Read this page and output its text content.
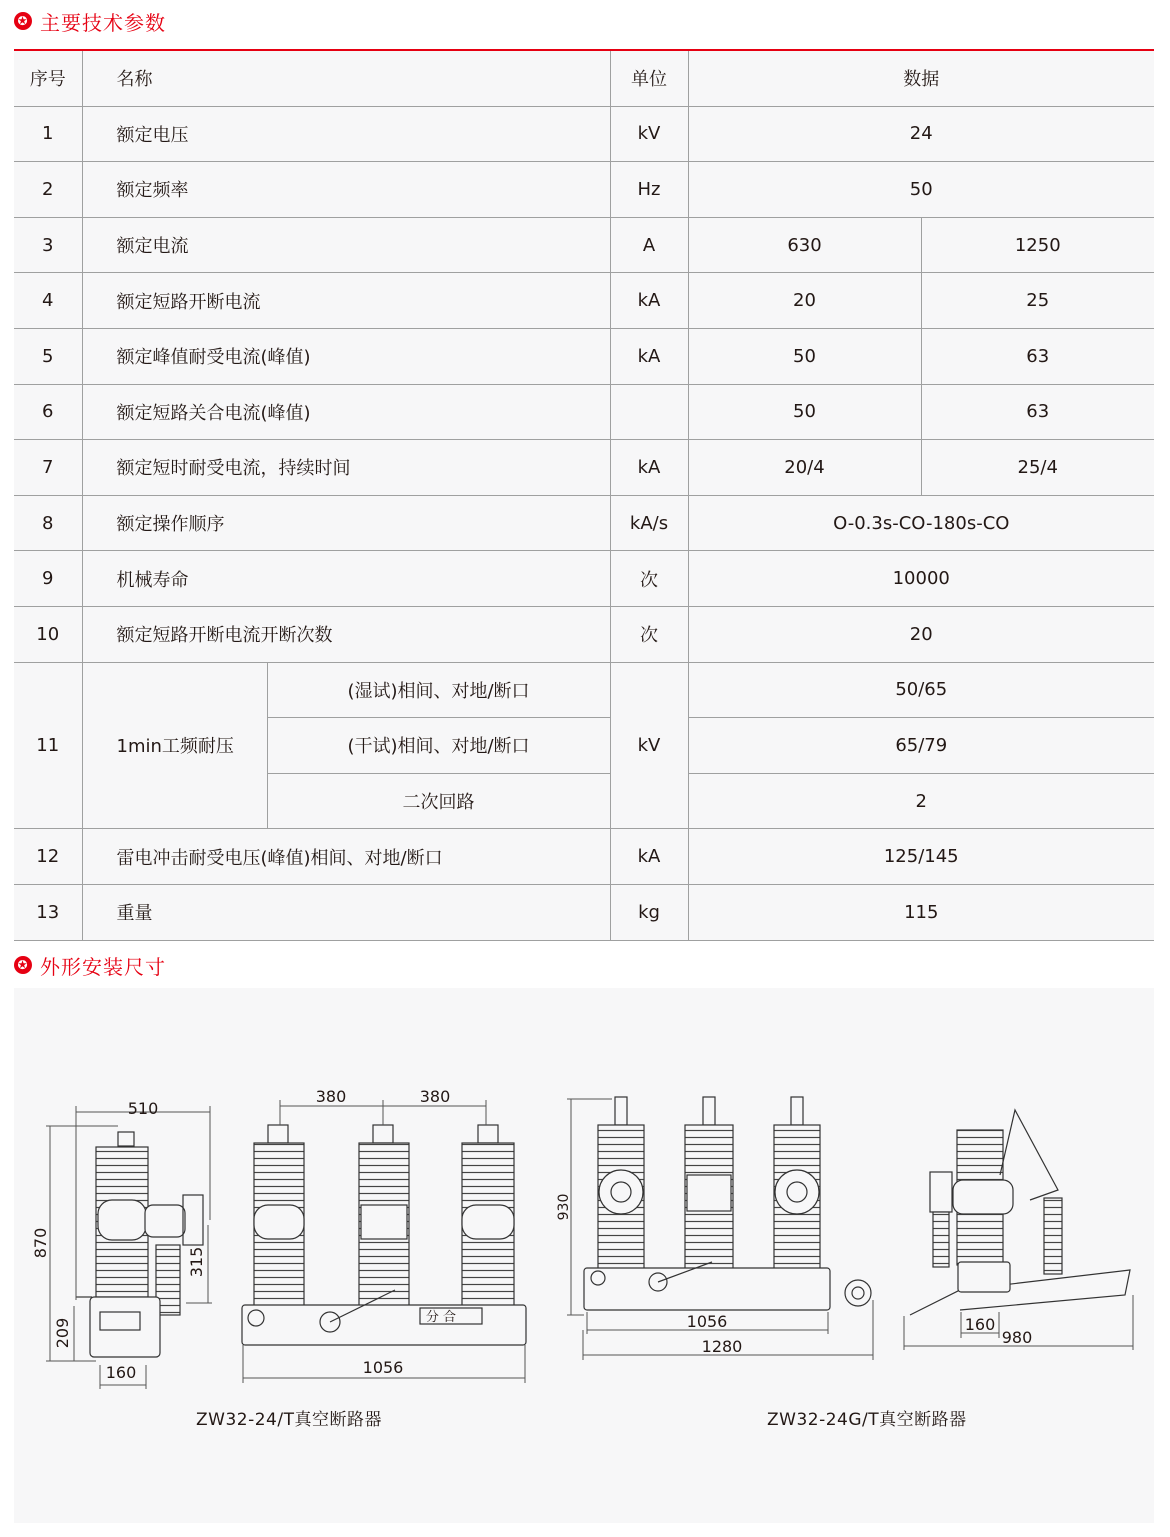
✪ 主要技术参数
序号	名称		单位	数据	
1	额定电压		kV	24	
2	额定频率		Hz	50	
3	额定电流		A	630	1250
4	额定短路开断电流		kA	20	25
5	额定峰值耐受电流(峰值)		kA	50	63
6	额定短路关合电流(峰值)			50	63
7	额定短时耐受电流，持续时间		kA	20/4	25/4
8	额定操作顺序		kA/s	O-0.3s-CO-180s-CO	
9	机械寿命		次	10000	
10	额定短路开断电流开断次数		次	20	
11	1min工频耐压	(湿试)相间、对地/断口	kV	50/65	
		(干试)相间、对地/断口		65/79	
		二次回路		2	
12	雷电冲击耐受电压(峰值)相间、对地/断口		kA	125/145	
13	重量		kg	115	
✪ 外形安装尺寸
510
870
209
160
315
380	380
1056
分 合
930
1056
1280
160
980
ZW32-24/T真空断路器	ZW32-24G/T真空断路器
